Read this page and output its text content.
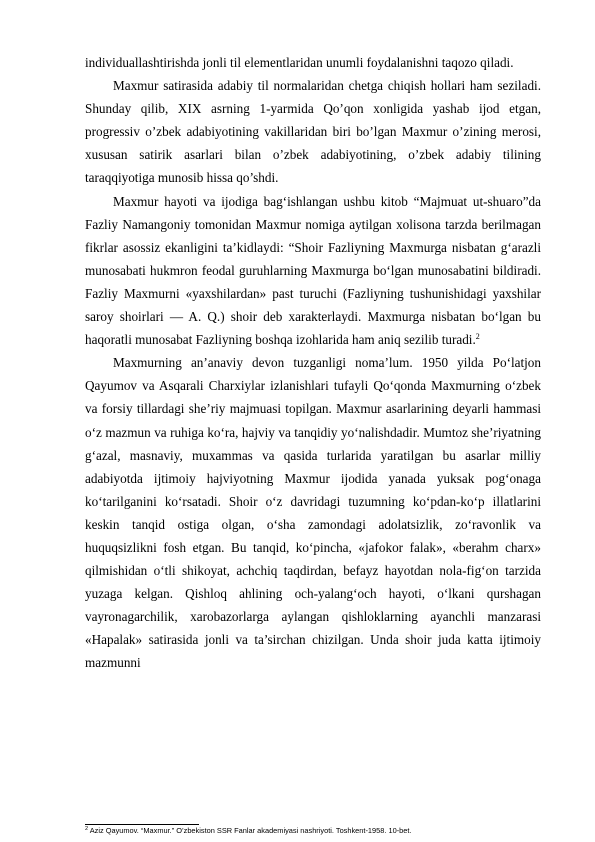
individuallashtirishda jonli til elementlaridan unumli foydalanishni taqozo qiladi.

Maxmur satirasida adabiy til normalaridan chetga chiqish hollari ham seziladi. Shunday qilib, XIX asrning 1-yarmida Qo’qon xonligida yashab ijod etgan, progressiv o’zbek adabiyotining vakillaridan biri bo’lgan Maxmur o’zining merosi, xususan satirik asarlari bilan o’zbek adabiyotining, o’zbek adabiy tilining taraqqiyotiga munosib hissa qo’shdi.

Maxmur hayoti va ijodiga bag‘ishlangan ushbu kitob “Majmuat ut-shuaro”da Fazliy Namangoniy tomonidan Maxmur nomiga aytilgan xolisona tarzda berilmagan fikrlar asossiz ekanligini ta’kidlaydi: “Shoir Fazliyning Maxmurga nisbatan g‘arazli munosabati hukmron feodal guruhlarning Maxmurga bo‘lgan munosabatini bildiradi. Fazliy Maxmurni «yaxshilardan» past turuchi (Fazliyning tushunishidagi yaxshilar saroy shoirlari — A. Q.) shoir deb xarakterlaydi. Maxmurga nisbatan bo‘lgan bu haqoratli munosabat Fazliyning boshqa izohlarida ham aniq sezilib turadi.$^2$

Maxmurning an’anaviy devon tuzganligi noma’lum. 1950 yilda Po‘latjon Qayumov va Asqarali Charxiylar izlanishlari tufayli Qo‘qonda Maxmurning o‘zbek va forsiy tillardagi she’riy majmuasi topilgan. Maxmur asarlarining deyarli hammasi o‘z mazmun va ruhiga ko‘ra, hajviy va tanqidiy yo‘nalishdadir. Mumtoz she’riyatning g‘azal, masnaviy, muxammas va qasida turlarida yaratilgan bu asarlar milliy adabiyotda ijtimoiy hajviyotning Maxmur ijodida yanada yuksak pog‘onaga ko‘tarilganini ko‘rsatadi. Shoir o‘z davridagi tuzumning ko‘pdan-ko‘p illatlarini keskin tanqid ostiga olgan, o‘sha zamondagi adolatsizlik, zo‘ravonlik va huquqsizlikni fosh etgan. Bu tanqid, ko‘pincha, «jafokor falak», «berahm charx» qilmishidan o‘tli shikoyat, achchiq taqdirdan, befayz hayotdan nola-fig‘on tarzida yuzaga kelgan. Qishloq ahlining och-yalang‘och hayoti, o‘lkani qurshagan vayronagarchilik, xarobazorlarga aylangan qishloklarning ayanchli manzarasi «Hapalak» satirasida jonli va ta’sirchan chizilgan. Unda shoir juda katta ijtimoiy mazmunni

$^2$ Aziz Qayumov. “Maxmur.” O’zbekiston SSR Fanlar akademiyasi nashriyoti. Toshkent-1958. 10-bet.
